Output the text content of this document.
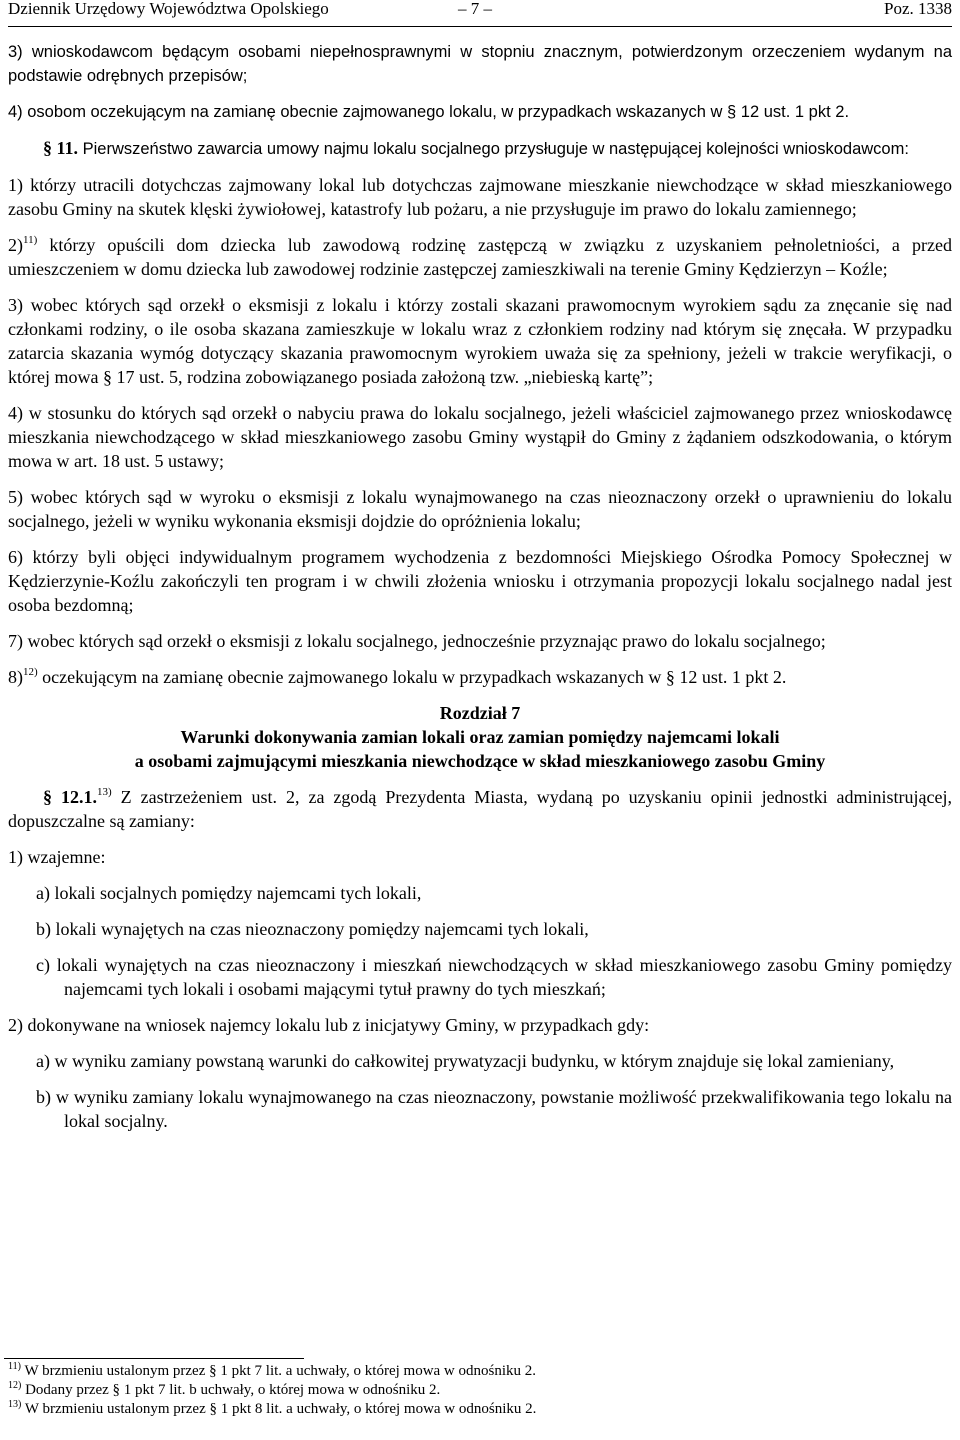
Dziennik Urzędowy Województwa Opolskiego	– 7 –	Poz. 1338

3) wnioskodawcom będącym osobami niepełnosprawnymi w stopniu znacznym, potwierdzonym orzeczeniem wydanym na podstawie odrębnych przepisów;

4) osobom oczekującym na zamianę obecnie zajmowanego lokalu, w przypadkach wskazanych w § 12 ust. 1 pkt 2.

§ 11. Pierwszeństwo zawarcia umowy najmu lokalu socjalnego przysługuje w następującej kolejności wnioskodawcom:

1) którzy utracili dotychczas zajmowany lokal lub dotychczas zajmowane mieszkanie niewchodzące w skład mieszkaniowego zasobu Gminy na skutek klęski żywiołowej, katastrofy lub pożaru, a nie przysługuje im prawo do lokalu zamiennego;

2)$^{11)}$ którzy opuścili dom dziecka lub zawodową rodzinę zastępczą w związku z uzyskaniem pełnoletniości, a przed umieszczeniem w domu dziecka lub zawodowej rodzinie zastępczej zamieszkiwali na terenie Gminy Kędzierzyn – Koźle;

3) wobec których sąd orzekł o eksmisji z lokalu i którzy zostali skazani prawomocnym wyrokiem sądu za znęcanie się nad członkami rodziny, o ile osoba skazana zamieszkuje w lokalu wraz z członkiem rodziny nad którym się znęcała. W przypadku zatarcia skazania wymóg dotyczący skazania prawomocnym wyrokiem uważa się za spełniony, jeżeli w trakcie weryfikacji, o której mowa § 17 ust. 5, rodzina zobowiązanego posiada założoną tzw. „niebieską kartę”;

4) w stosunku do których sąd orzekł o nabyciu prawa do lokalu socjalnego, jeżeli właściciel zajmowanego przez wnioskodawcę mieszkania niewchodzącego w skład mieszkaniowego zasobu Gminy wystąpił do Gminy z żądaniem odszkodowania, o którym mowa w art. 18 ust. 5 ustawy;

5) wobec których sąd w wyroku o eksmisji z lokalu wynajmowanego na czas nieoznaczony orzekł o uprawnieniu do lokalu socjalnego, jeżeli w wyniku wykonania eksmisji dojdzie do opróżnienia lokalu;

6) którzy byli objęci indywidualnym programem wychodzenia z bezdomności Miejskiego Ośrodka Pomocy Społecznej w Kędzierzynie-Koźlu zakończyli ten program i w chwili złożenia wniosku i otrzymania propozycji lokalu socjalnego nadal jest osoba bezdomną;

7) wobec których sąd orzekł o eksmisji z lokalu socjalnego, jednocześnie przyznając prawo do lokalu socjalnego;

8)$^{12)}$ oczekującym na zamianę obecnie zajmowanego lokalu w przypadkach wskazanych w § 12 ust. 1 pkt 2.

Rozdział 7
Warunki dokonywania zamian lokali oraz zamian pomiędzy najemcami lokali
a osobami zajmującymi mieszkania niewchodzące w skład mieszkaniowego zasobu Gminy

§ 12.1.$^{13)}$ Z zastrzeżeniem ust. 2, za zgodą Prezydenta Miasta, wydaną po uzyskaniu opinii jednostki administrującej, dopuszczalne są zamiany:

1) wzajemne:

a) lokali socjalnych pomiędzy najemcami tych lokali,

b) lokali wynajętych na czas nieoznaczony pomiędzy najemcami tych lokali,

c) lokali wynajętych na czas nieoznaczony i mieszkań niewchodzących w skład mieszkaniowego zasobu Gminy pomiędzy najemcami tych lokali i osobami mającymi tytuł prawny do tych mieszkań;

2) dokonywane na wniosek najemcy lokalu lub z inicjatywy Gminy, w przypadkach gdy:

a) w wyniku zamiany powstaną warunki do całkowitej prywatyzacji budynku, w którym znajduje się lokal zamieniany,

b) w wyniku zamiany lokalu wynajmowanego na czas nieoznaczony, powstanie możliwość przekwalifikowania tego lokalu na lokal socjalny.

$^{11)}$ W brzmieniu ustalonym przez § 1 pkt 7 lit. a uchwały, o której mowa w odnośniku 2.

$^{12)}$ Dodany przez § 1 pkt 7 lit. b uchwały, o której mowa w odnośniku 2.

$^{13)}$ W brzmieniu ustalonym przez § 1 pkt 8 lit. a uchwały, o której mowa w odnośniku 2.
